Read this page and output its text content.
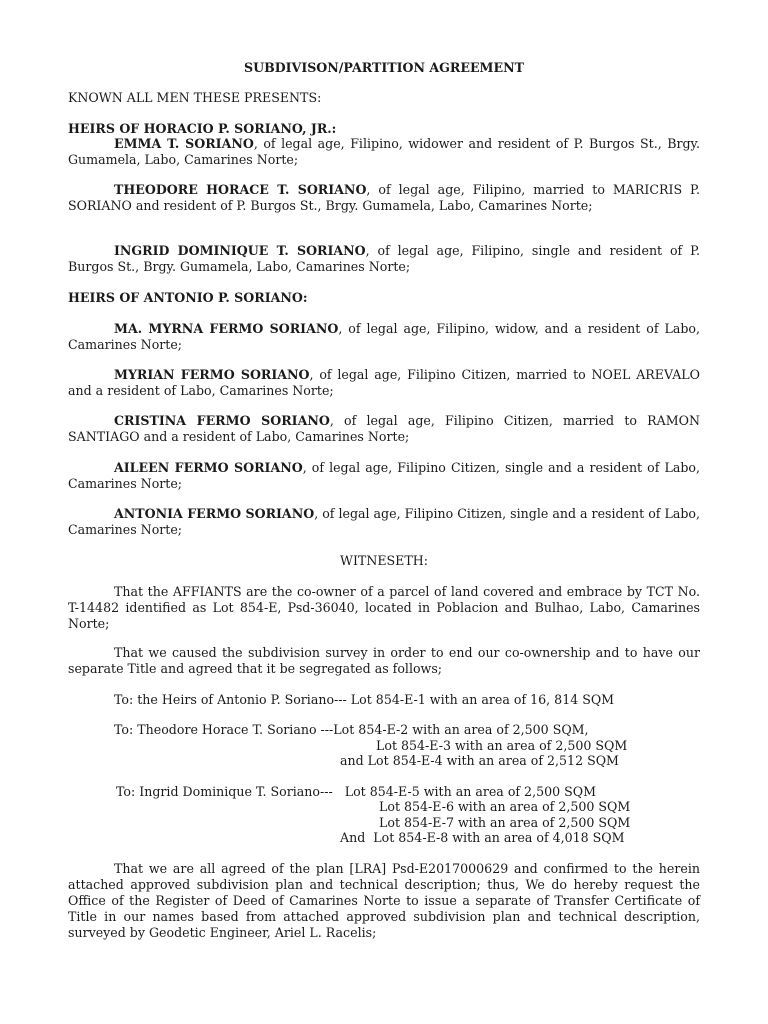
SUBDIVISON/PARTITION AGREEMENT
KNOWN ALL MEN THESE PRESENTS:
HEIRS OF HORACIO P. SORIANO, JR.:

EMMA T. SORIANO, of legal age, Filipino, widower and resident of P. Burgos St., Brgy. Gumamela, Labo, Camarines Norte;

THEODORE HORACE T. SORIANO, of legal age, Filipino, married to MARICRIS P. SORIANO and resident of P. Burgos St., Brgy. Gumamela, Labo, Camarines Norte;

INGRID DOMINIQUE T. SORIANO, of legal age, Filipino, single and resident of P. Burgos St., Brgy. Gumamela, Labo, Camarines Norte;

HEIRS OF ANTONIO P. SORIANO:

MA. MYRNA FERMO SORIANO, of legal age, Filipino, widow, and a resident of Labo, Camarines Norte;

MYRIAN FERMO SORIANO, of legal age, Filipino Citizen, married to NOEL AREVALO and a resident of Labo, Camarines Norte;

CRISTINA FERMO SORIANO, of legal age, Filipino Citizen, married to RAMON SANTIAGO and a resident of Labo, Camarines Norte;

AILEEN FERMO SORIANO, of legal age, Filipino Citizen, single and a resident of Labo, Camarines Norte;

ANTONIA FERMO SORIANO, of legal age, Filipino Citizen, single and a resident of Labo, Camarines Norte;

WITNESETH:

That the AFFIANTS are the co-owner of a parcel of land covered and embrace by TCT No. T-14482 identified as Lot 854-E, Psd-36040, located in Poblacion and Bulhao, Labo, Camarines Norte;

That we caused the subdivision survey in order to end our co-ownership and to have our separate Title and agreed that it be segregated as follows;

To: the Heirs of Antonio P. Soriano--- Lot 854-E-1 with an area of 16, 814 SQM
To: Theodore Horace T. Soriano ---Lot 854-E-2 with an area of 2,500 SQM,
Lot 854-E-3 with an area of 2,500 SQM
and Lot 854-E-4 with an area of 2,512 SQM
To: Ingrid Dominique T. Soriano---   Lot 854-E-5 with an area of 2,500 SQM
Lot 854-E-6 with an area of 2,500 SQM
Lot 854-E-7 with an area of 2,500 SQM
And  Lot 854-E-8 with an area of 4,018 SQM

That we are all agreed of the plan [LRA] Psd-E2017000629 and confirmed to the herein attached approved subdivision plan and technical description; thus, We do hereby request the Office of the Register of Deed of Camarines Norte to issue a separate of Transfer Certificate of Title in our names based from attached approved subdivision plan and technical description, surveyed by Geodetic Engineer, Ariel L. Racelis;
